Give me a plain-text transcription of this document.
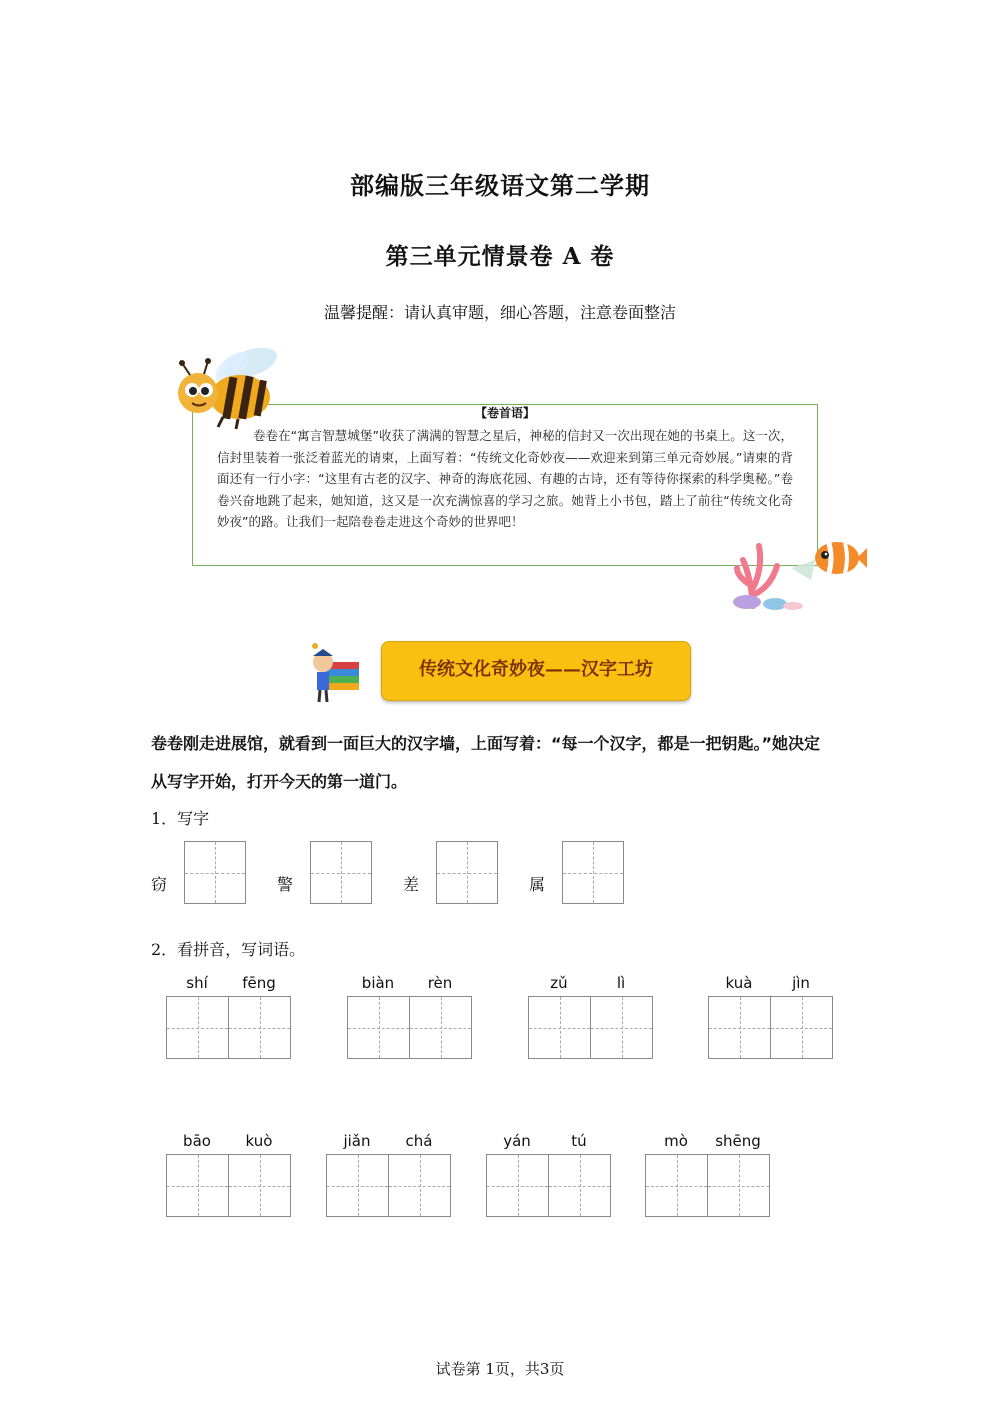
部编版三年级语文第二学期
第三单元情景卷 A 卷
温馨提醒：请认真审题，细心答题，注意卷面整洁
【卷首语】
卷卷在“寓言智慧城堡”收获了满满的智慧之星后，神秘的信封又一次出现在她的书桌上。这一次，信封里装着一张泛着蓝光的请柬，上面写着：“传统文化奇妙夜——欢迎来到第三单元奇妙展。”请柬的背面还有一行小字：“这里有古老的汉字、神奇的海底花园、有趣的古诗，还有等待你探索的科学奥秘。”卷卷兴奋地跳了起来，她知道，这又是一次充满惊喜的学习之旅。她背上小书包，踏上了前往“传统文化奇妙夜”的路。让我们一起陪卷卷走进这个奇妙的世界吧！
传统文化奇妙夜——汉字工坊
卷卷刚走进展馆，就看到一面巨大的汉字墙，上面写着：“每一个汉字，都是一把钥匙。”她决定从写字开始，打开今天的第一道门。
1．写字
窃	警	差	属
2．看拼音，写词语。
shí	fēng	biàn	rèn	zǔ	lì	kuà	jìn
bāo	kuò	jiǎn	chá	yán	tú	mò	shēng
试卷第 1页，共3页
